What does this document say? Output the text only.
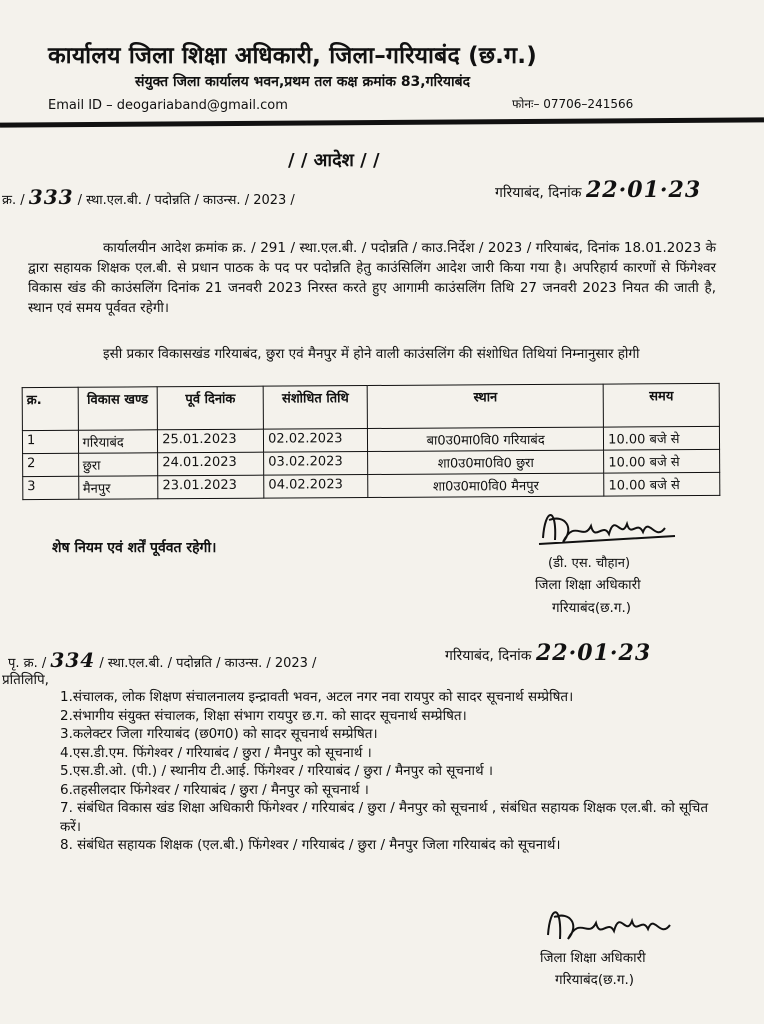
कार्यालय जिला शिक्षा अधिकारी, जिला–गरियाबंद (छ.ग.)
संयुक्त जिला कार्यालय भवन,प्रथम तल कक्ष क्रमांक 83,गरियाबंद
Email ID – deogariaband@gmail.com	फोनः– 07706–241566
/ / आदेश / /
क्र. / 333 / स्था.एल.बी. / पदोन्नति / काउन्स. / 2023 /	गरियाबंद, दिनांक 22·01·23
कार्यालयीन आदेश क्रमांक क्र. / 291 / स्था.एल.बी. / पदोन्नति / काउ.निर्देश / 2023 / गरियाबंद, दिनांक 18.01.2023 के द्वारा सहायक शिक्षक एल.बी. से प्रधान पाठक के पद पर पदोन्नति हेतु काउंसिलिंग आदेश जारी किया गया है। अपरिहार्य कारणों से फिंगेश्वर विकास खंड की काउंसलिंग दिनांक 21 जनवरी 2023 निरस्त करते हुए आगामी काउंसलिंग तिथि 27 जनवरी 2023 नियत की जाती है, स्थान एवं समय पूर्ववत रहेगी।
इसी प्रकार विकासखंड गरियाबंद, छुरा एवं मैनपुर में होने वाली काउंसलिंग की संशोधित तिथियां निम्नानुसार होगी
क्र.	विकास खण्ड	पूर्व दिनांक	संशोधित तिथि	स्थान	समय
1	गरियाबंद	25.01.2023	02.02.2023	बा0उ0मा0वि0 गरियाबंद	10.00 बजे से
2	छुरा	24.01.2023	03.02.2023	शा0उ0मा0वि0 छुरा	10.00 बजे से
3	मैनपुर	23.01.2023	04.02.2023	शा0उ0मा0वि0 मैनपुर	10.00 बजे से
शेष नियम एवं शर्तें पूर्ववत रहेगी।
(डी. एस. चौहान)
जिला शिक्षा अधिकारी
गरियाबंद(छ.ग.)
पृ. क्र. / 334 / स्था.एल.बी. / पदोन्नति / काउन्स. / 2023 /	गरियाबंद, दिनांक 22·01·23
प्रतिलिपि,
1.संचालक, लोक शिक्षण संचालनालय इन्द्रावती भवन, अटल नगर नवा रायपुर को सादर सूचनार्थ सम्प्रेषित।
2.संभागीय संयुक्त संचालक, शिक्षा संभाग रायपुर छ.ग. को सादर सूचनार्थ सम्प्रेषित।
3.कलेक्टर जिला गरियाबंद (छ0ग0) को सादर सूचनार्थ सम्प्रेषित।
4.एस.डी.एम. फिंगेश्वर / गरियाबंद / छुरा / मैनपुर को सूचनार्थ ।
5.एस.डी.ओ. (पी.) / स्थानीय टी.आई. फिंगेश्वर / गरियाबंद / छुरा / मैनपुर को सूचनार्थ ।
6.तहसीलदार फिंगेश्वर / गरियाबंद / छुरा / मैनपुर को सूचनार्थ ।
7. संबंधित विकास खंड शिक्षा अधिकारी फिंगेश्वर / गरियाबंद / छुरा / मैनपुर को सूचनार्थ , संबंधित सहायक शिक्षक एल.बी. को सूचित करें।
8. संबंधित सहायक शिक्षक (एल.बी.) फिंगेश्वर / गरियाबंद / छुरा / मैनपुर जिला गरियाबंद को सूचनार्थ।
जिला शिक्षा अधिकारी
गरियाबंद(छ.ग.)
